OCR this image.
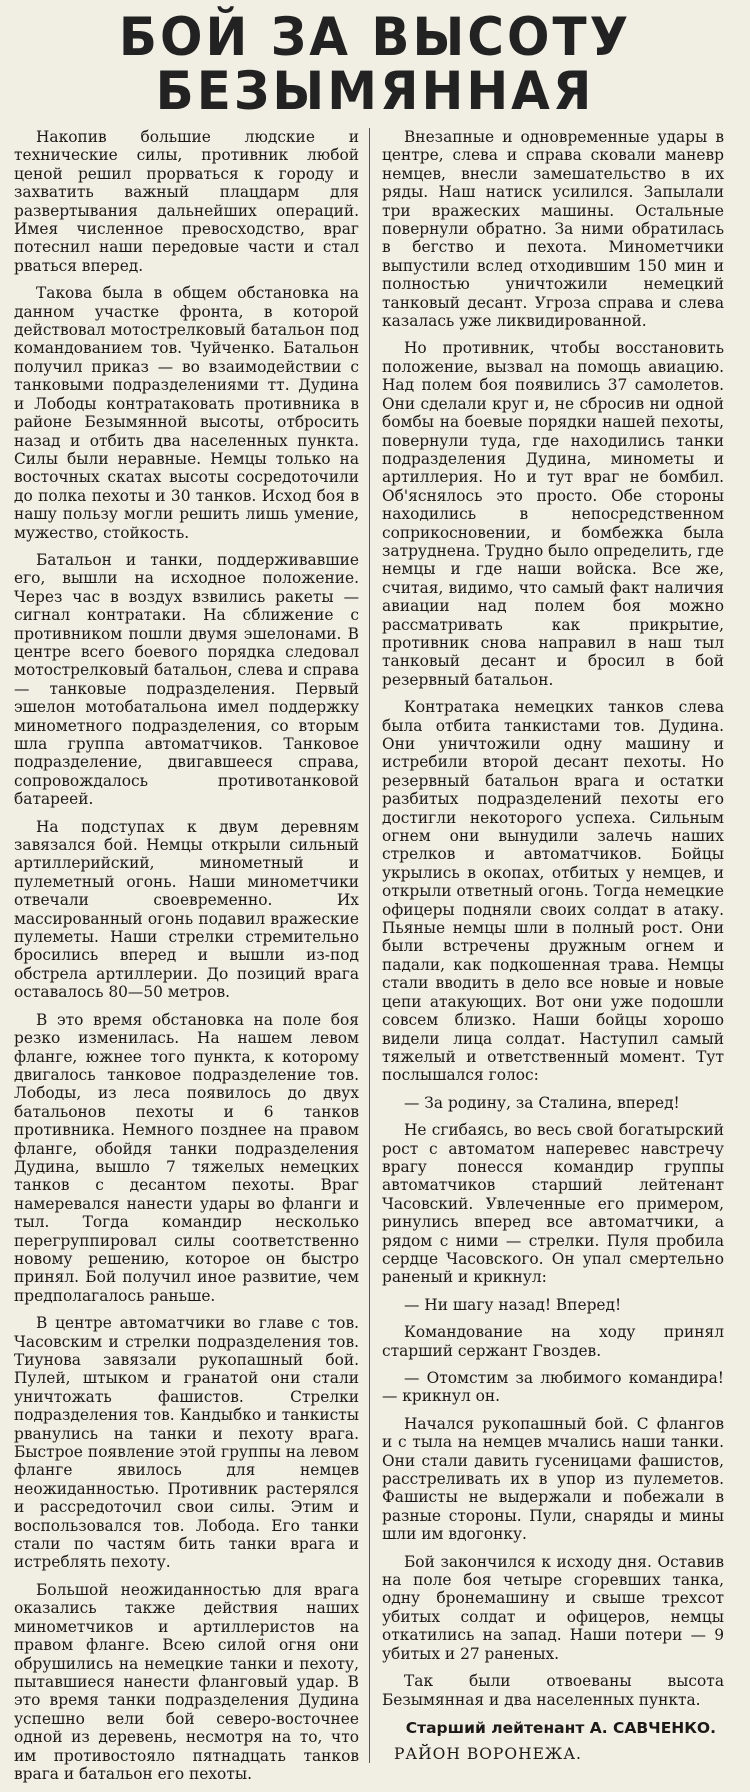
БОЙ ЗА ВЫСОТУ
БЕЗЫМЯННАЯ

Накопив большие людские и технические силы, противник любой ценой решил прорваться к городу и захватить важный плацдарм для развертывания дальнейших операций. Имея численное превосходство, враг потеснил наши передовые части и стал рваться вперед.

Такова была в общем обстановка на данном участке фронта, в которой действовал мотострелковый батальон под командованием тов. Чуйченко. Батальон получил приказ — во взаимодействии с танковыми подразделениями тт. Дудина и Лободы контратаковать противника в районе Безымянной высоты, отбросить назад и отбить два населенных пункта. Силы были неравные. Немцы только на восточных скатах высоты сосредоточили до полка пехоты и 30 танков. Исход боя в нашу пользу могли решить лишь умение, мужество, стойкость.

Батальон и танки, поддерживавшие его, вышли на исходное положение. Через час в воздух взвились ракеты — сигнал контратаки. На сближение с противником пошли двумя эшелонами. В центре всего боевого порядка следовал мотострелковый батальон, слева и справа — танковые подразделения. Первый эшелон мотобатальона имел поддержку минометного подразделения, со вторым шла группа автоматчиков. Танковое подразделение, двигавшееся справа, сопровождалось противотанковой батареей.

На подступах к двум деревням завязался бой. Немцы открыли сильный артиллерийский, минометный и пулеметный огонь. Наши минометчики отвечали своевременно. Их массированный огонь подавил вражеские пулеметы. Наши стрелки стремительно бросились вперед и вышли из-под обстрела артиллерии. До позиций врага оставалось 80—50 метров.

В это время обстановка на поле боя резко изменилась. На нашем левом фланге, южнее того пункта, к которому двигалось танковое подразделение тов. Лободы, из леса появилось до двух батальонов пехоты и 6 танков противника. Немного позднее на правом фланге, обойдя танки подразделения Дудина, вышло 7 тяжелых немецких танков с десантом пехоты. Враг намеревался нанести удары во фланги и тыл. Тогда командир несколько перегруппировал силы соответственно новому решению, которое он быстро принял. Бой получил иное развитие, чем предполагалось раньше.

В центре автоматчики во главе с тов. Часовским и стрелки подразделения тов. Тиунова завязали рукопашный бой. Пулей, штыком и гранатой они стали уничтожать фашистов. Стрелки подразделения тов. Кандыбко и танкисты рванулись на танки и пехоту врага. Быстрое появление этой группы на левом фланге явилось для немцев неожиданностью. Противник растерялся и рассредоточил свои силы. Этим и воспользовался тов. Лобода. Его танки стали по частям бить танки врага и истреблять пехоту.

Большой неожиданностью для врага оказались также действия наших минометчиков и артиллеристов на правом фланге. Всею силой огня они обрушились на немецкие танки и пехоту, пытавшиеся нанести фланговый удар. В это время танки подразделения Дудина успешно вели бой северо-восточнее одной из деревень, несмотря на то, что им противостояло пятнадцать танков врага и батальон его пехоты.

Внезапные и одновременные удары в центре, слева и справа сковали маневр немцев, внесли замешательство в их ряды. Наш натиск усилился. Запылали три вражеских машины. Остальные повернули обратно. За ними обратилась в бегство и пехота. Минометчики выпустили вслед отходившим 150 мин и полностью уничтожили немецкий танковый десант. Угроза справа и слева казалась уже ликвидированной.

Но противник, чтобы восстановить положение, вызвал на помощь авиацию. Над полем боя появились 37 самолетов. Они сделали круг и, не сбросив ни одной бомбы на боевые порядки нашей пехоты, повернули туда, где находились танки подразделения Дудина, минометы и артиллерия. Но и тут враг не бомбил. Об'яснялось это просто. Обе стороны находились в непосредственном соприкосновении, и бомбежка была затруднена. Трудно было определить, где немцы и где наши войска. Все же, считая, видимо, что самый факт наличия авиации над полем боя можно рассматривать как прикрытие, противник снова направил в наш тыл танковый десант и бросил в бой резервный батальон.

Контратака немецких танков слева была отбита танкистами тов. Дудина. Они уничтожили одну машину и истребили второй десант пехоты. Но резервный батальон врага и остатки разбитых подразделений пехоты его достигли некоторого успеха. Сильным огнем они вынудили залечь наших стрелков и автоматчиков. Бойцы укрылись в окопах, отбитых у немцев, и открыли ответный огонь. Тогда немецкие офицеры подняли своих солдат в атаку. Пьяные немцы шли в полный рост. Они были встречены дружным огнем и падали, как подкошенная трава. Немцы стали вводить в дело все новые и новые цепи атакующих. Вот они уже подошли совсем близко. Наши бойцы хорошо видели лица солдат. Наступил самый тяжелый и ответственный момент. Тут послышался голос:

— За родину, за Сталина, вперед!

Не сгибаясь, во весь свой богатырский рост с автоматом наперевес навстречу врагу понесся командир группы автоматчиков старший лейтенант Часовский. Увлеченные его примером, ринулись вперед все автоматчики, а рядом с ними — стрелки. Пуля пробила сердце Часовского. Он упал смертельно раненый и крикнул:

— Ни шагу назад! Вперед!

Командование на ходу принял старший сержант Гвоздев.

— Отомстим за любимого командира! — крикнул он.

Начался рукопашный бой. С флангов и с тыла на немцев мчались наши танки. Они стали давить гусеницами фашистов, расстреливать их в упор из пулеметов. Фашисты не выдержали и побежали в разные стороны. Пули, снаряды и мины шли им вдогонку.

Бой закончился к исходу дня. Оставив на поле боя четыре сгоревших танка, одну бронемашину и свыше трехсот убитых солдат и офицеров, немцы откатились на запад. Наши потери — 9 убитых и 27 раненых.

Так были отвоеваны высота Безымянная и два населенных пункта.

Старший лейтенант А. САВЧЕНКО.
РАЙОН ВОРОНЕЖА.
